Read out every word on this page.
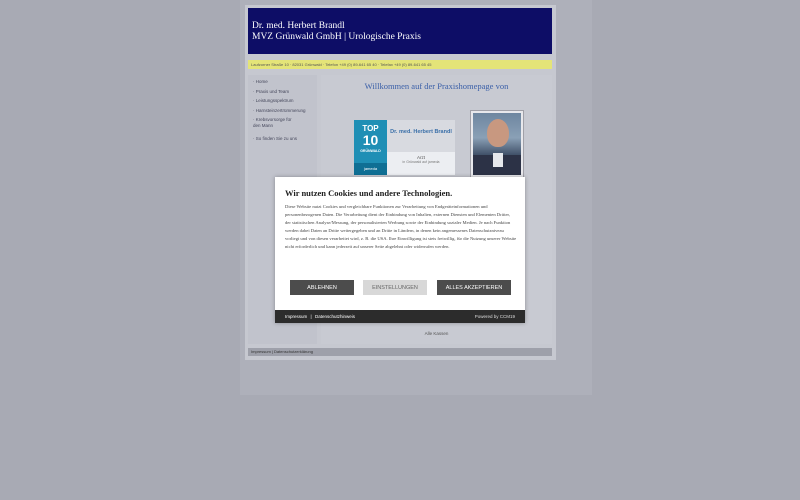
Dr. med. Herbert Brandl
MVZ Grünwald GmbH | Urologische Praxis
Laufzorner Straße 10 · 82031 Grünwald · Telefon +49 (0) 89-641 65 40 · Telefax +49 (0) 89-641 65 45
· Home
· Praxis und Team
· Leistungsspektrum
· Harnsteinzertrümmerung
· Krebsvorsorge für den Mann
· So finden Sie zu uns
Willkommen auf der Praxishomepage von
TOP
10
GRÜNWALD
jameda
Dr. med. Herbert Brandl
Arzt
in Grünwald auf jameda
Alle Kassen
Impressum | Datenschutzerklärung
Wir nutzen Cookies und andere Technologien.
Diese Website nutzt Cookies und vergleichbare Funktionen zur Verarbeitung von Endgeräteinformationen und personenbezogenen Daten. Die Verarbeitung dient der Einbindung von Inhalten, externen Diensten und Elementen Dritter, der statistischen Analyse/Messung, der personalisierten Werbung sowie der Einbindung sozialer Medien. Je nach Funktion werden dabei Daten an Dritte weitergegeben und an Dritte in Ländern, in denen kein angemessenes Datenschutzniveau vorliegt und von diesen verarbeitet wird, z. B. die USA. Ihre Einwilligung ist stets freiwillig, für die Nutzung unserer Website nicht erforderlich und kann jederzeit auf unserer Seite abgelehnt oder widerrufen werden.
ABLEHNEN	EINSTELLUNGEN	ALLES AKZEPTIEREN
Impressum | Datenschutzhinweis	Powered by CCM19
